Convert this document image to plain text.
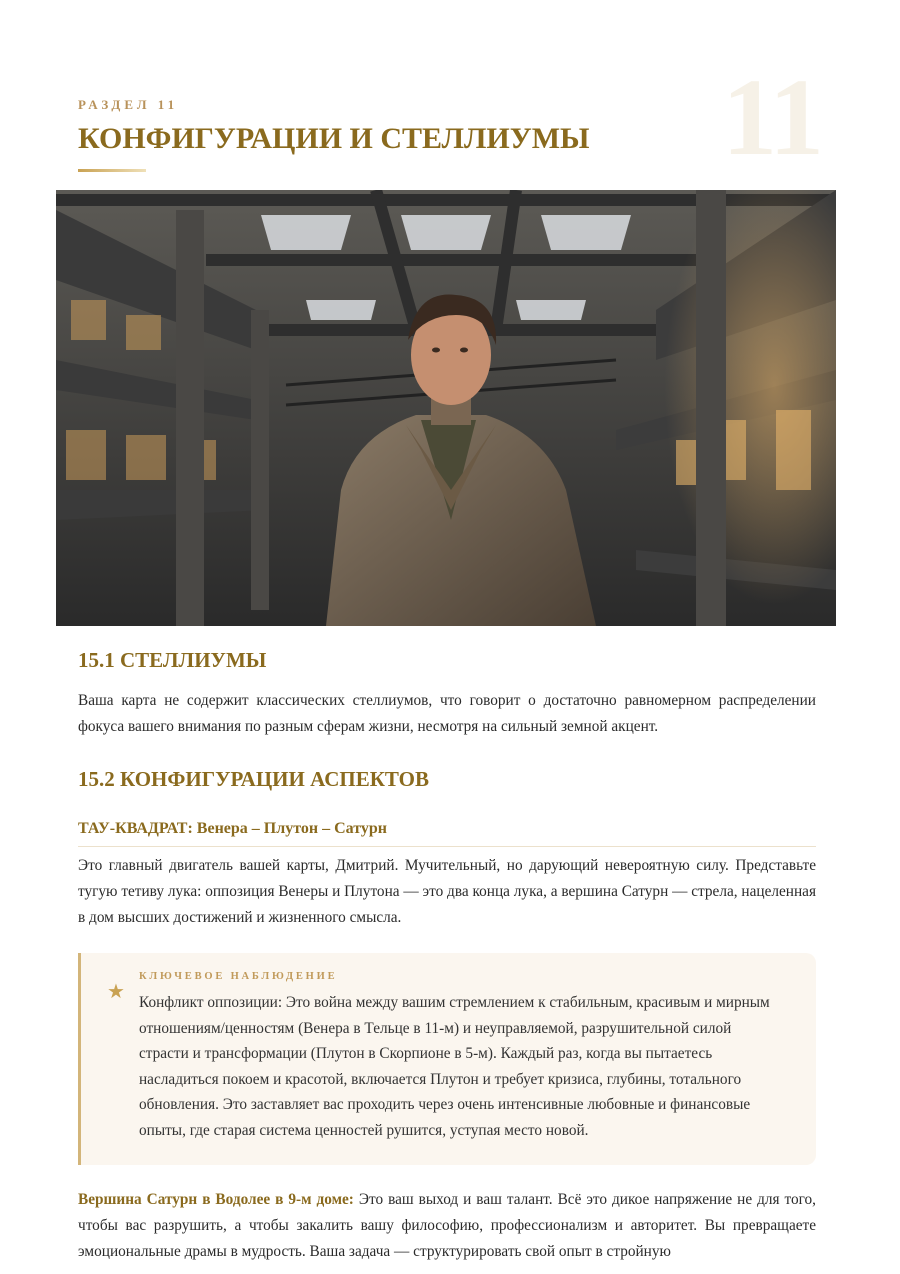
11
РАЗДЕЛ 11
КОНФИГУРАЦИИ И СТЕЛЛИУМЫ
15.1 СТЕЛЛИУМЫ

Ваша карта не содержит классических стеллиумов, что говорит о достаточно равномерном распределении фокуса вашего внимания по разным сферам жизни, несмотря на сильный земной акцент.

15.2 КОНФИГУРАЦИИ АСПЕКТОВ
ТАУ-КВАДРАТ: Венера – Плутон – Сатурн

Это главный двигатель вашей карты, Дмитрий. Мучительный, но дарующий невероятную силу. Представьте тугую тетиву лука: оппозиция Венеры и Плутона — это два конца лука, а вершина Сатурн — стрела, нацеленная в дом высших достижений и жизненного смысла.

★
КЛЮЧЕВОЕ НАБЛЮДЕНИЕ
Конфликт оппозиции: Это война между вашим стремлением к стабильным, красивым и мирным отношениям/ценностям (Венера в Тельце в 11-м) и неуправляемой, разрушительной силой страсти и трансформации (Плутон в Скорпионе в 5-м). Каждый раз, когда вы пытаетесь насладиться покоем и красотой, включается Плутон и требует кризиса, глубины, тотального обновления. Это заставляет вас проходить через очень интенсивные любовные и финансовые опыты, где старая система ценностей рушится, уступая место новой.

Вершина Сатурн в Водолее в 9-м доме: Это ваш выход и ваш талант. Всё это дикое напряжение не для того, чтобы вас разрушить, а чтобы закалить вашу философию, профессионализм и авторитет. Вы превращаете эмоциональные драмы в мудрость. Ваша задача — структурировать свой опыт в стройную
